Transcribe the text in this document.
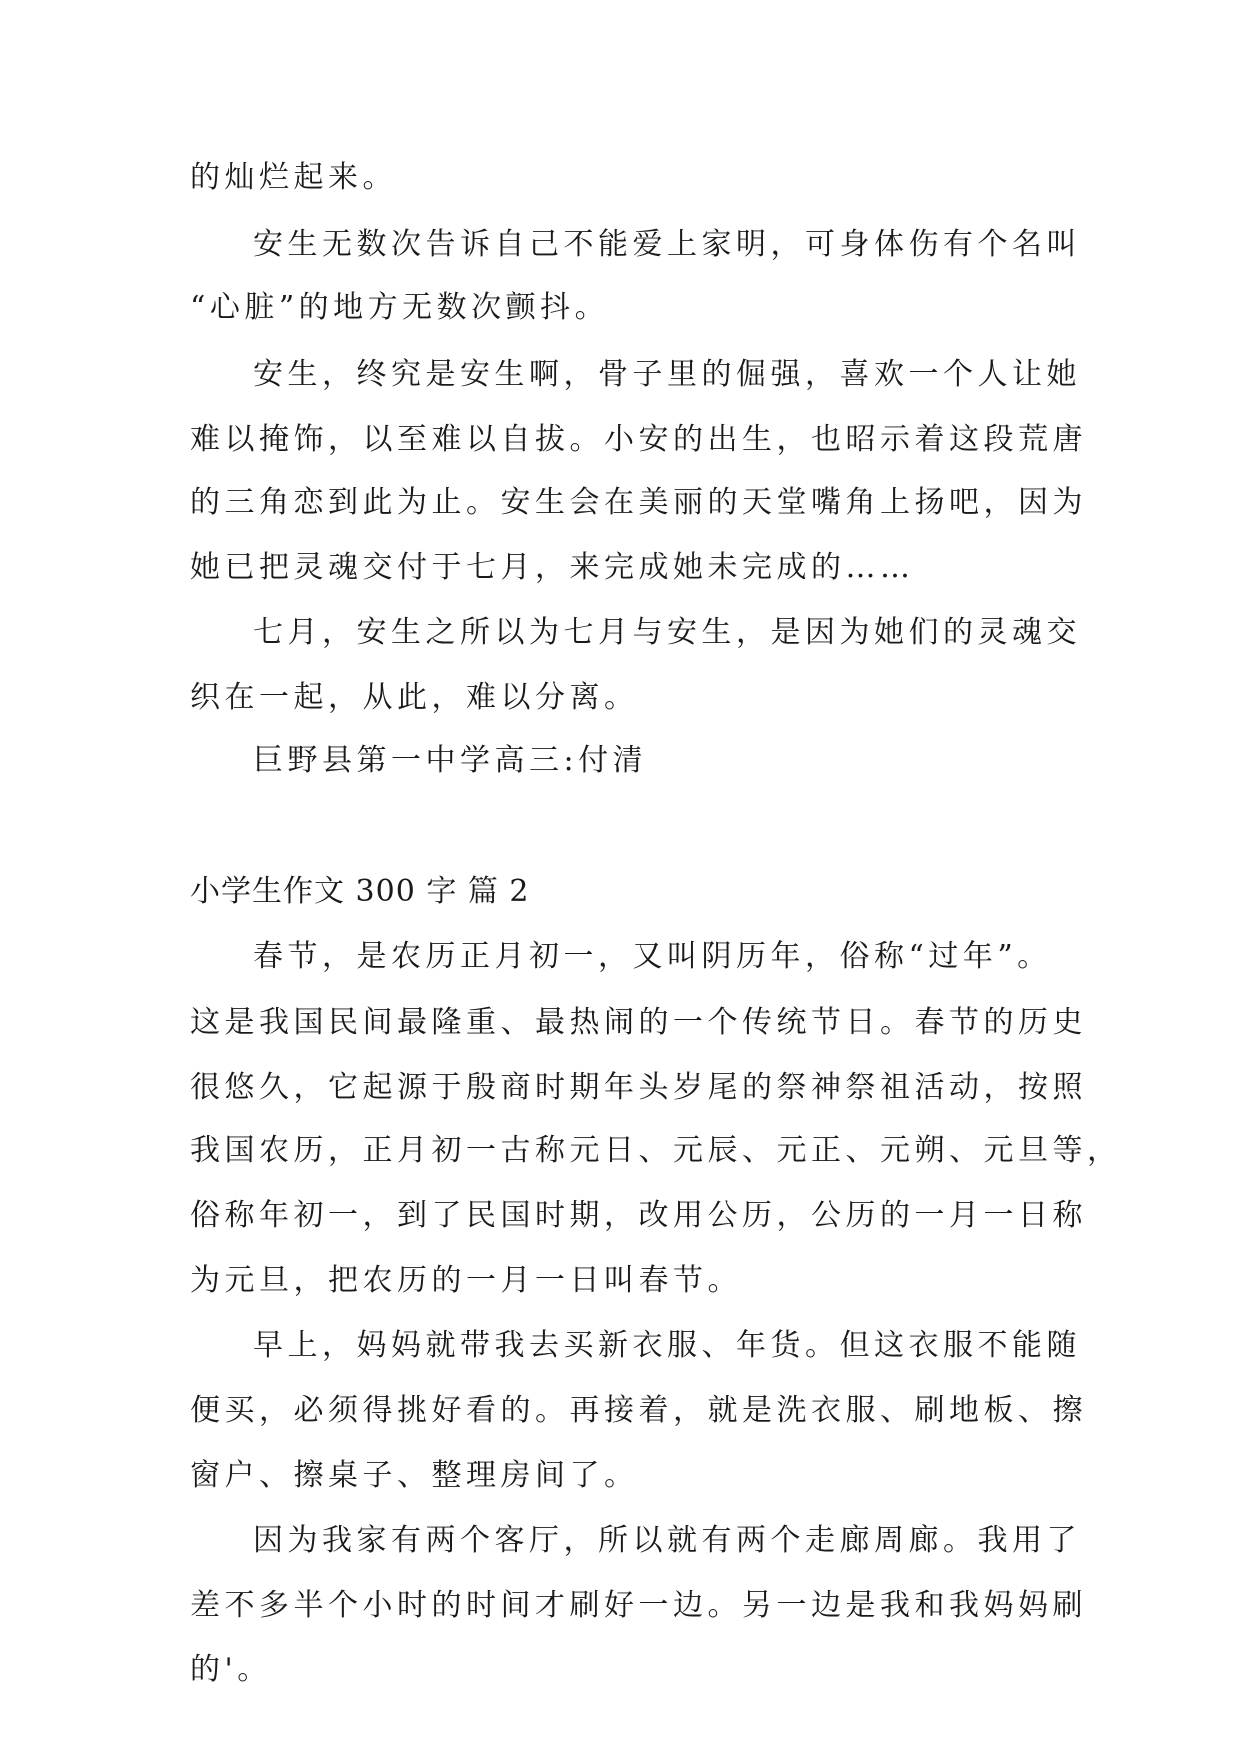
的灿烂起来。
安生无数次告诉自己不能爱上家明，可身体伤有个名叫
“心脏”的地方无数次颤抖。
安生，终究是安生啊，骨子里的倔强，喜欢一个人让她
难以掩饰，以至难以自拔。小安的出生，也昭示着这段荒唐
的三角恋到此为止。安生会在美丽的天堂嘴角上扬吧，因为
她已把灵魂交付于七月，来完成她未完成的……
七月，安生之所以为七月与安生，是因为她们的灵魂交
织在一起，从此，难以分离。
巨野县第一中学高三:付清
小学生作文 300 字 篇 2
春节，是农历正月初一，又叫阴历年，俗称“过年”。
这是我国民间最隆重、最热闹的一个传统节日。春节的历史
很悠久，它起源于殷商时期年头岁尾的祭神祭祖活动，按照
我国农历，正月初一古称元日、元辰、元正、元朔、元旦等，
俗称年初一，到了民国时期，改用公历，公历的一月一日称
为元旦，把农历的一月一日叫春节。
早上，妈妈就带我去买新衣服、年货。但这衣服不能随
便买，必须得挑好看的。再接着，就是洗衣服、刷地板、擦
窗户、擦桌子、整理房间了。
因为我家有两个客厅，所以就有两个走廊周廊。我用了
差不多半个小时的时间才刷好一边。另一边是我和我妈妈刷
的'。
